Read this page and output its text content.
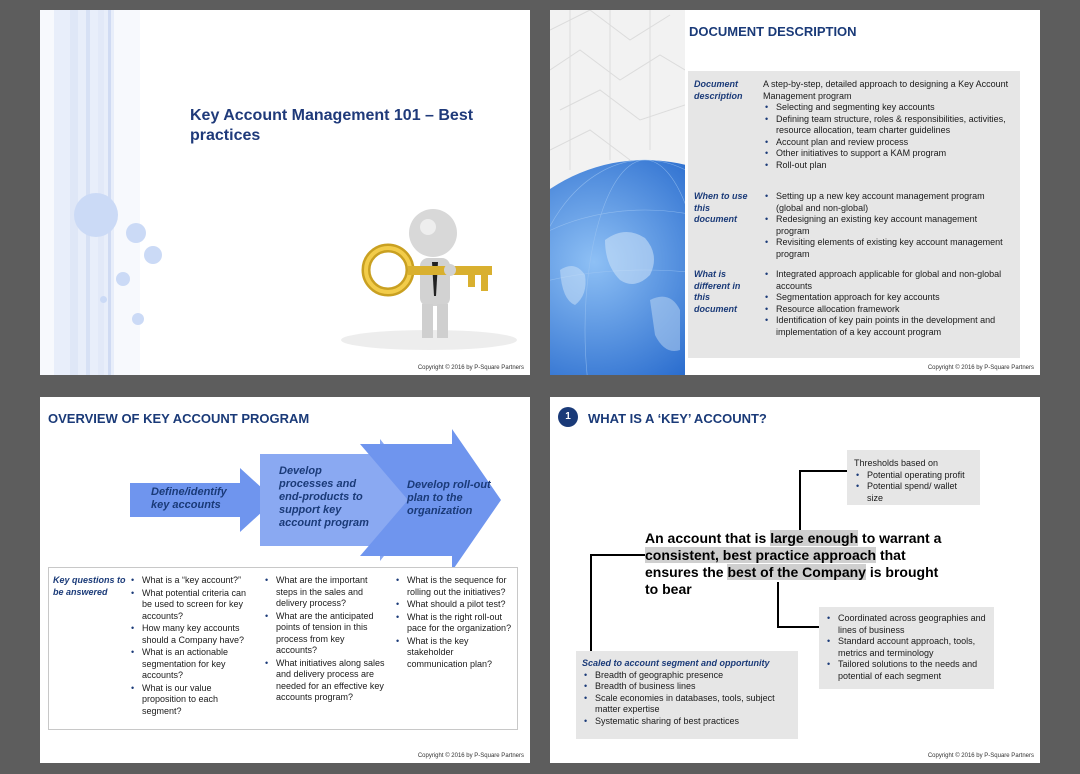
Key Account Management 101 – Best practices
Copyright © 2016 by P-Square Partners
DOCUMENT DESCRIPTION
Document description
A step-by-step, detailed approach to designing a Key Account Management program
• Selecting and segmenting key accounts
• Defining team structure, roles & responsibilities, activities, resource allocation, team charter guidelines
• Account plan and review process
• Other initiatives to support a KAM program
• Roll-out plan
When to use this document
• Setting up a new key account management program (global and non-global)
• Redesigning an existing key account management program
• Revisiting elements of existing key account management program
What is different in this document
• Integrated approach applicable for global and non-global accounts
• Segmentation approach for key accounts
• Resource allocation framework
• Identification of key pain points in the development and implementation of a key account program
Copyright © 2016 by P-Square Partners
OVERVIEW OF KEY ACCOUNT PROGRAM
Define/identify key accounts
Develop processes and end-products to support key account program
Develop roll-out plan to the organization
Key questions to be answered
• What is a “key account?”
• What potential criteria can be used to screen for key accounts?
• How many key accounts should a Company have?
• What is an actionable segmentation for key accounts?
• What is our value proposition to each segment?
• What are the important steps in the sales and delivery process?
• What are the anticipated points of tension in this process from key accounts?
• What initiatives along sales and delivery process are needed for an effective key accounts program?
• What is the sequence for rolling out the initiatives?
• What should a pilot test?
• What is the right roll-out pace for the organization?
• What is the key stakeholder communication plan?
Copyright © 2016 by P-Square Partners
1	WHAT IS A ‘KEY’ ACCOUNT?
Thresholds based on
• Potential operating profit
• Potential spend/ wallet size
An account that is large enough to warrant a consistent, best practice approach that ensures the best of the Company is brought to bear
• Coordinated across geographies and lines of business
• Standard account approach, tools, metrics and terminology
• Tailored solutions to the needs and potential of each segment
Scaled to account segment and opportunity
• Breadth of geographic presence
• Breadth of business lines
• Scale economies in databases, tools, subject matter expertise
• Systematic sharing of best practices
Copyright © 2016 by P-Square Partners
